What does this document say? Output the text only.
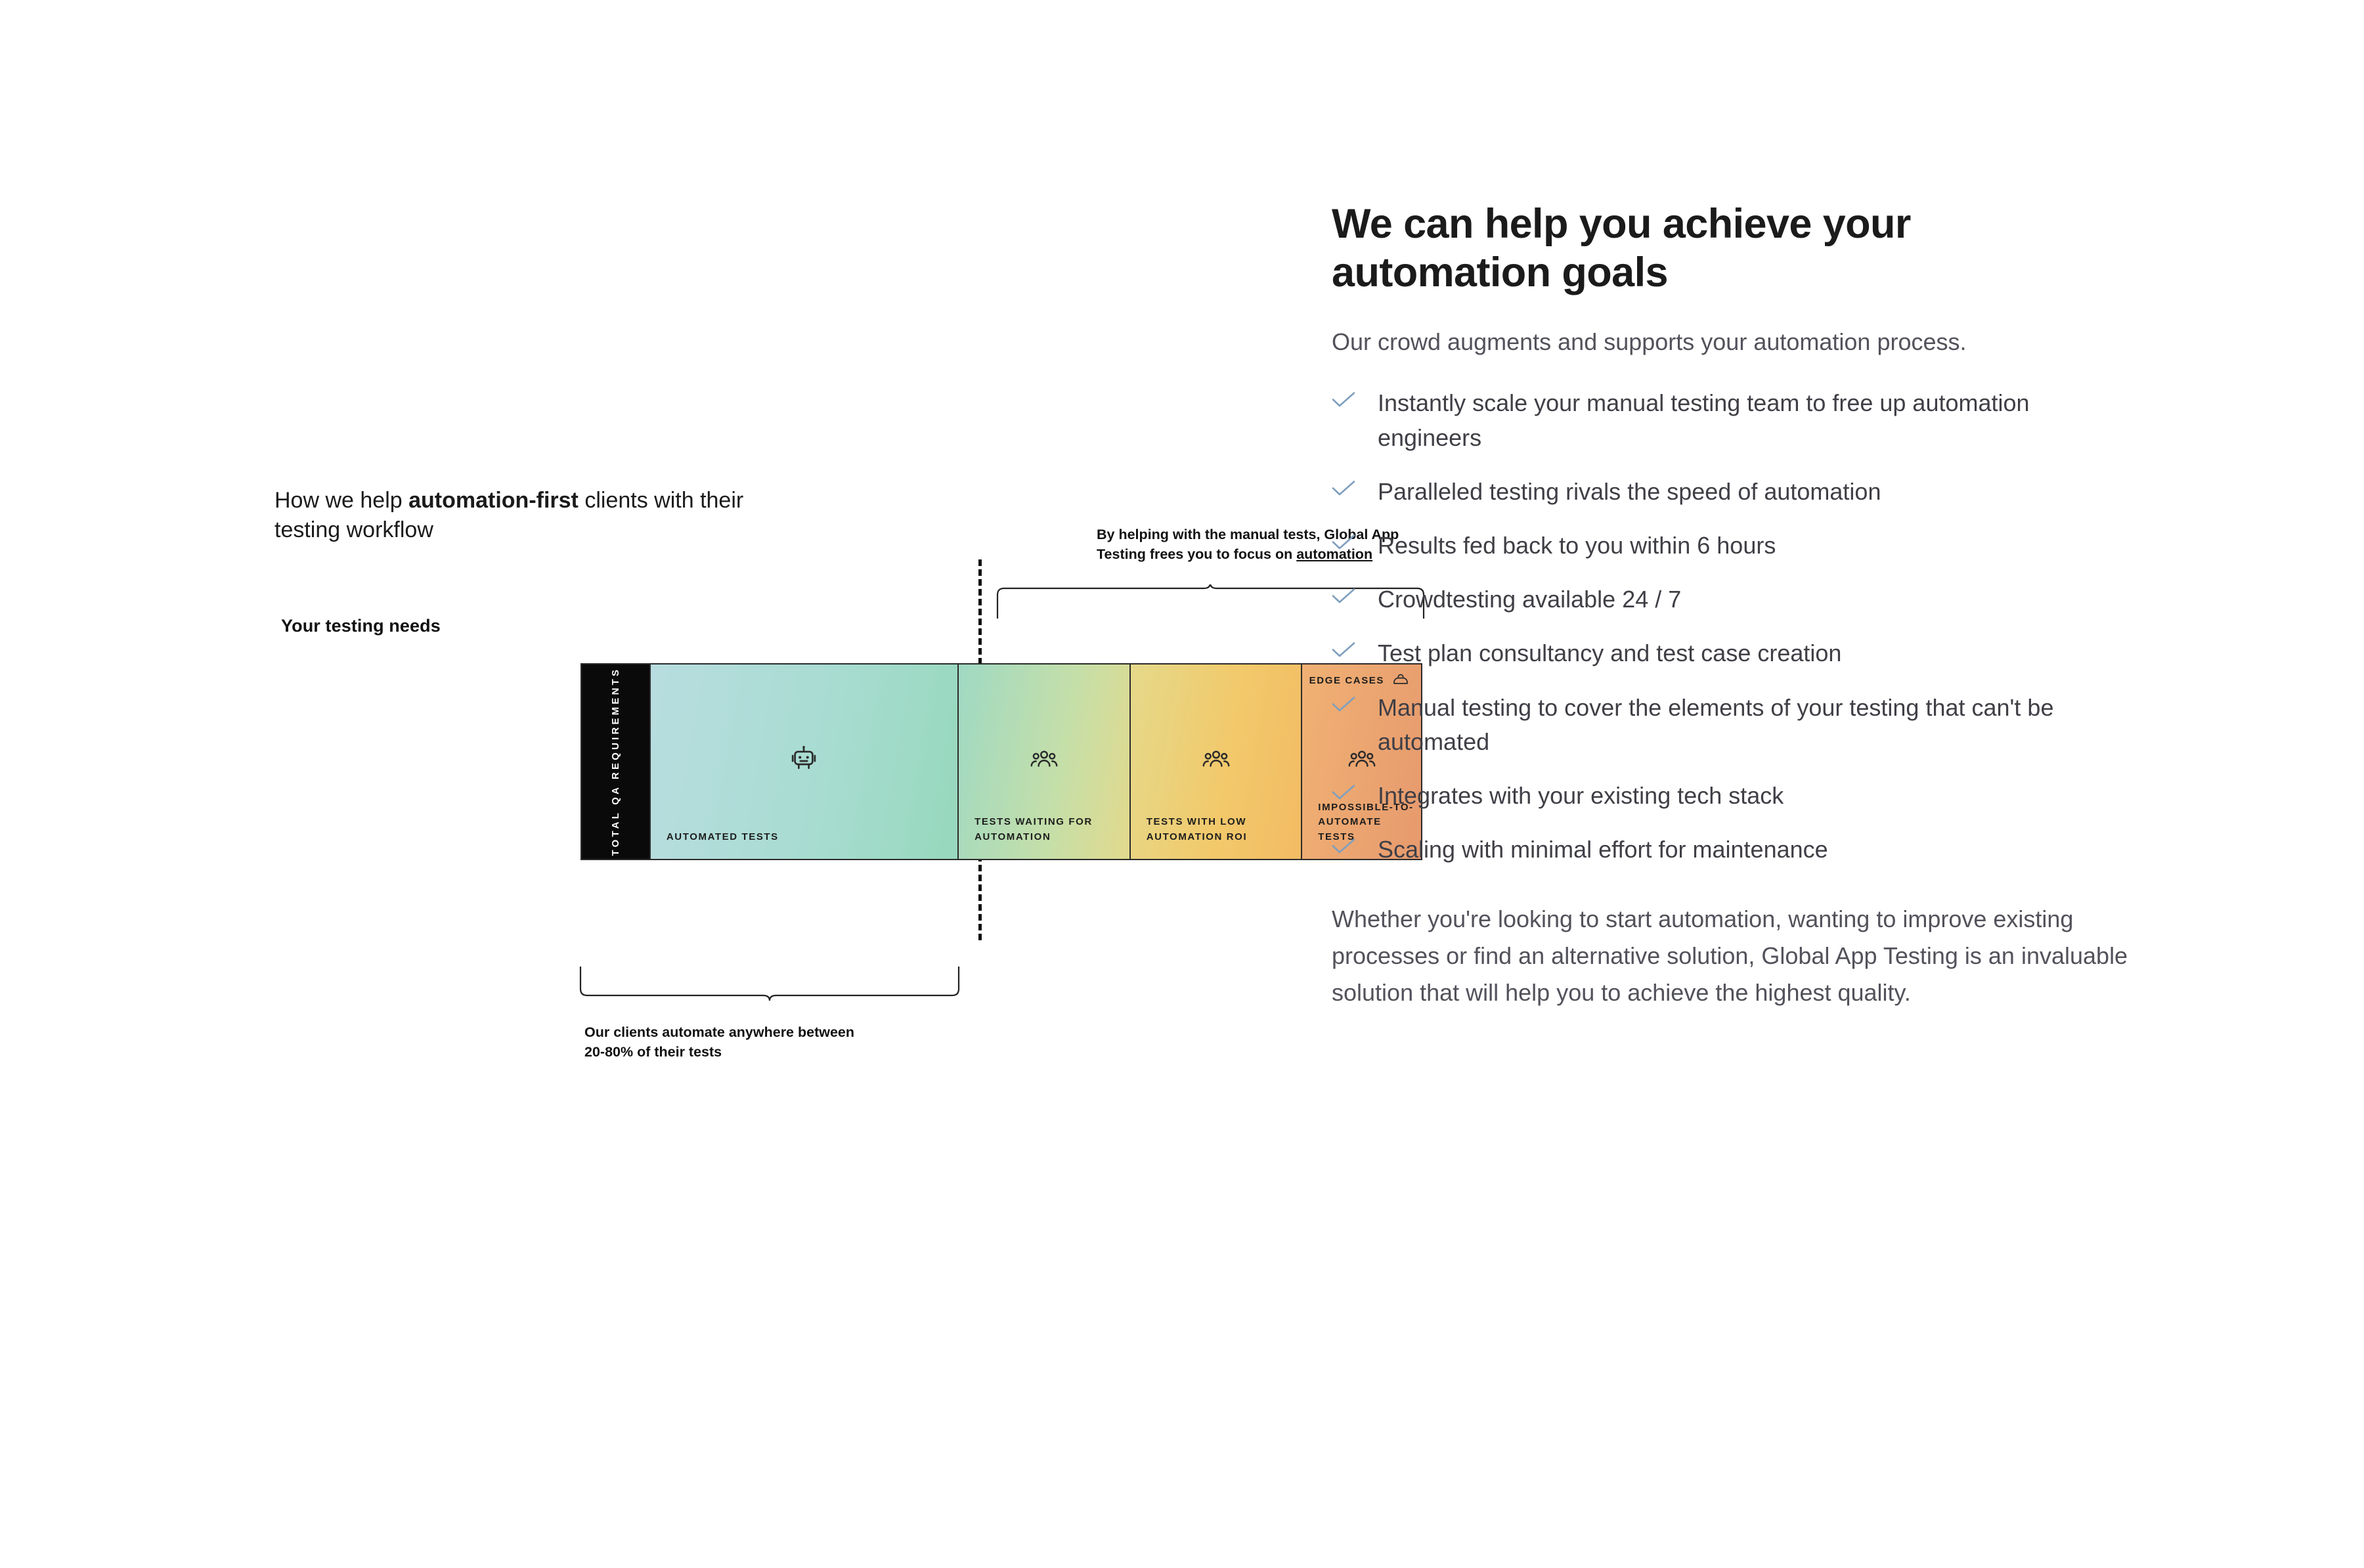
How we help automation-first clients with their testing workflow
Your testing needs
By helping with the manual tests, Global App Testing frees you to focus on automation
Our clients automate anywhere between 20-80% of their tests
TOTAL QA REQUIREMENTS	AUTOMATED TESTS
TESTS WAITING FOR AUTOMATION
TESTS WITH LOW AUTOMATION ROI
EDGE CASES
IMPOSSIBLE-TO- AUTOMATE TESTS
We can help you achieve your automation goals

Our crowd augments and supports your automation process.

Instantly scale your manual testing team to free up automation engineers
Paralleled testing rivals the speed of automation
Results fed back to you within 6 hours
Crowdtesting available 24 / 7
Test plan consultancy and test case creation
Manual testing to cover the elements of your testing that can't be automated
Integrates with your existing tech stack
Scaling with minimal effort for maintenance

Whether you're looking to start automation, wanting to improve existing processes or find an alternative solution, Global App Testing is an invaluable solution that will help you to achieve the highest quality.
